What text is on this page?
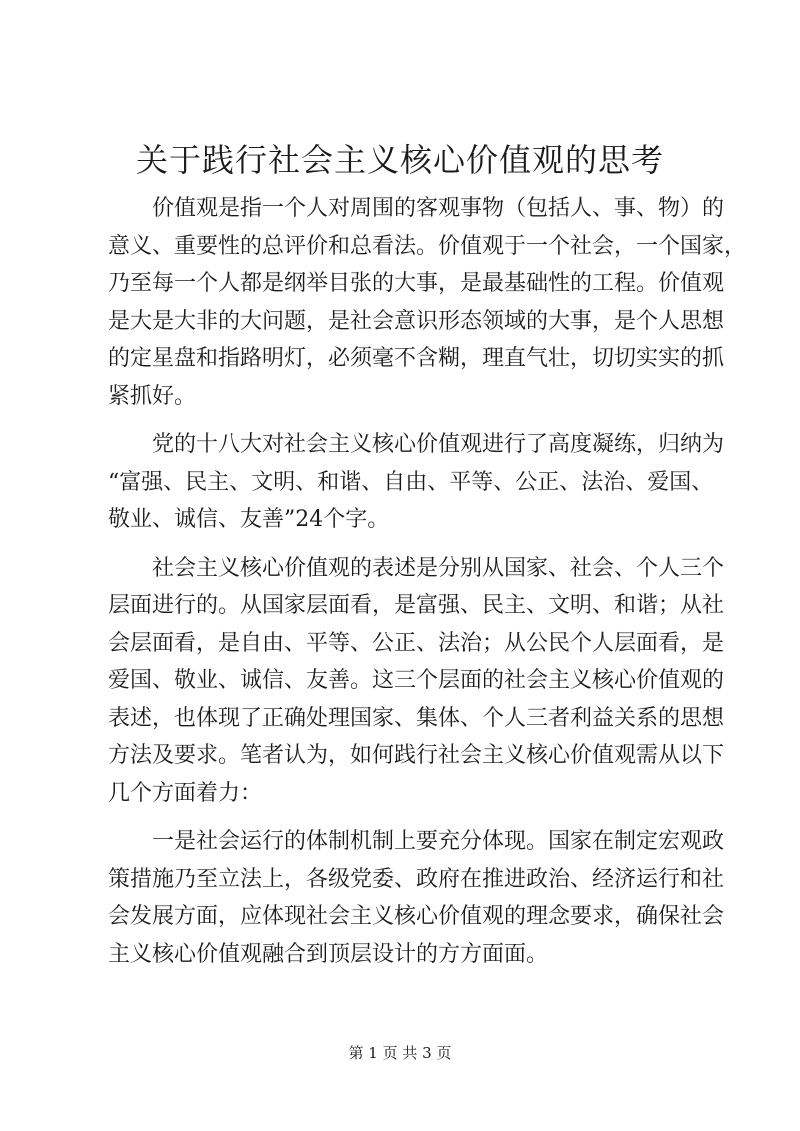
关于践行社会主义核心价值观的思考
价值观是指一个人对周围的客观事物（包括人、事、物）的
意义、重要性的总评价和总看法。价值观于一个社会，一个国家，
乃至每一个人都是纲举目张的大事，是最基础性的工程。价值观
是大是大非的大问题，是社会意识形态领域的大事，是个人思想
的定星盘和指路明灯，必须毫不含糊，理直气壮，切切实实的抓
紧抓好。
党的十八大对社会主义核心价值观进行了高度凝练，归纳为
“富强、民主、文明、和谐、自由、平等、公正、法治、爱国、
敬业、诚信、友善”24个字。
社会主义核心价值观的表述是分别从国家、社会、个人三个
层面进行的。从国家层面看，是富强、民主、文明、和谐；从社
会层面看，是自由、平等、公正、法治；从公民个人层面看，是
爱国、敬业、诚信、友善。这三个层面的社会主义核心价值观的
表述，也体现了正确处理国家、集体、个人三者利益关系的思想
方法及要求。笔者认为，如何践行社会主义核心价值观需从以下
几个方面着力：
一是社会运行的体制机制上要充分体现。国家在制定宏观政
策措施乃至立法上，各级党委、政府在推进政治、经济运行和社
会发展方面，应体现社会主义核心价值观的理念要求，确保社会
主义核心价值观融合到顶层设计的方方面面。
第 1 页 共 3 页
